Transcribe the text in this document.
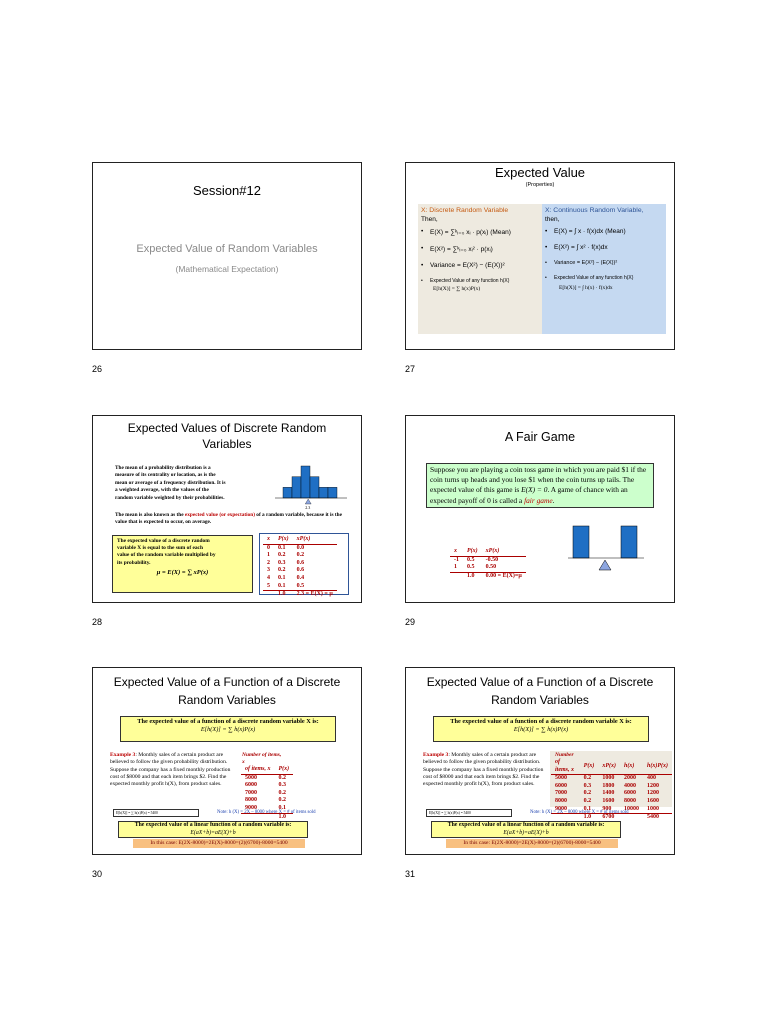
Session#12
Expected Value of Random Variables
(Mathematical Expectation)
26
Expected Value
(Properties)
X: Discrete Random Variable
Then,
• E(X) = ∑ᵏᵢ₌₀ xᵢ · p(xᵢ) (Mean)
• E(X²) = ∑ᵏᵢ₌₀ xᵢ² · p(xᵢ)
• Variance = E(X²) − (E(X))²
• Expected Value of any function h(X)
E[h(X)] = ∑ h(x)P(x)
X: Continuous Random Variable,
then,
• E(X) = ∫ x · f(x)dx (Mean)
• E(X²) = ∫ x² · f(x)dx
• Variance = E(X²) − (E(X))²
• Expected Value of any function h(X)
E[h(X)] = ∫ h(x) · f(x)dx
27
Expected Values of Discrete Random Variables
The mean of a probability distribution is a
measure of its centrality or location, as is the
mean or average of a frequency distribution. It is
a weighted average, with the values of the
random variable weighted by their probabilities.
The mean is also known as the expected value (or expectation) of a random variable, because it is the value that is expected to occur, on average.
2.3
The expected value of a discrete random
variable X is equal to the sum of each
value of the random variable multiplied by
its probability.
μ = E(X) = ∑ xP(x)
x	P(x)	xP(x)
0	0.1	0.0
1	0.2	0.2
2	0.3	0.6
3	0.2	0.6
4	0.1	0.4
5	0.1	0.5
	1.0	2.3 = E(X) = μ
28
A Fair Game
Suppose you are playing a coin toss game in which you are paid $1 if the coin turns up heads and you lose $1 when the coin turns up tails. The expected value of this game is E(X) = 0. A game of chance with an expected payoff of 0 is called a fair game.
x	P(x)	xP(x)
-1	0.5	-0.50
1	0.5	0.50
	1.0	0.00 = E(X)=μ
29
Expected Value of a Function of a Discrete Random Variables
The expected value of a function of a discrete random variable X is:
E[h(X)] = ∑ h(x)P(x)
Example 3: Monthly sales of a certain product are believed to follow the given probability distribution. Suppose the company has a fixed monthly production cost of $8000 and that each item brings $2. Find the expected monthly profit h(X), from product sales.
Number of items, x
of items, x	P(x)
5000	0.2
6000	0.3
7000	0.2
8000	0.2
9000	0.1
	1.0
E[h(X)] = ∑ h(x)P(x) = 5400	Note: h (X) = 2X – 8000 where X = # of items sold
The expected value of a linear function of a random variable is:
E(aX+b)=aE(X)+b
In this case: E(2X-8000)=2E(X)-8000=(2)(6700)-8000=5400
30
Expected Value of a Function of a Discrete Random Variables
The expected value of a function of a discrete random variable X is:
E[h(X)] = ∑ h(x)P(x)
Example 3: Monthly sales of a certain product are believed to follow the given probability distribution. Suppose the company has a fixed monthly production cost of $8000 and that each item brings $2. Find the expected monthly profit h(X), from product sales.
Number
of items, x	P(x)	xP(x)	h(x)	h(x)P(x)
5000	0.2	1000	2000	400
6000	0.3	1800	4000	1200
7000	0.2	1400	6000	1200
8000	0.2	1600	8000	1600
9000	0.1	900	10000	1000
	1.0	6700		5400
E[h(X)] = ∑ h(x)P(x) = 5400	Note: h (X) = 2X – 8000 where X = # of items sold
The expected value of a linear function of a random variable is:
E(aX+b)=aE(X)+b
In this case: E(2X-8000)=2E(X)-8000=(2)(6700)-8000=5400
31
